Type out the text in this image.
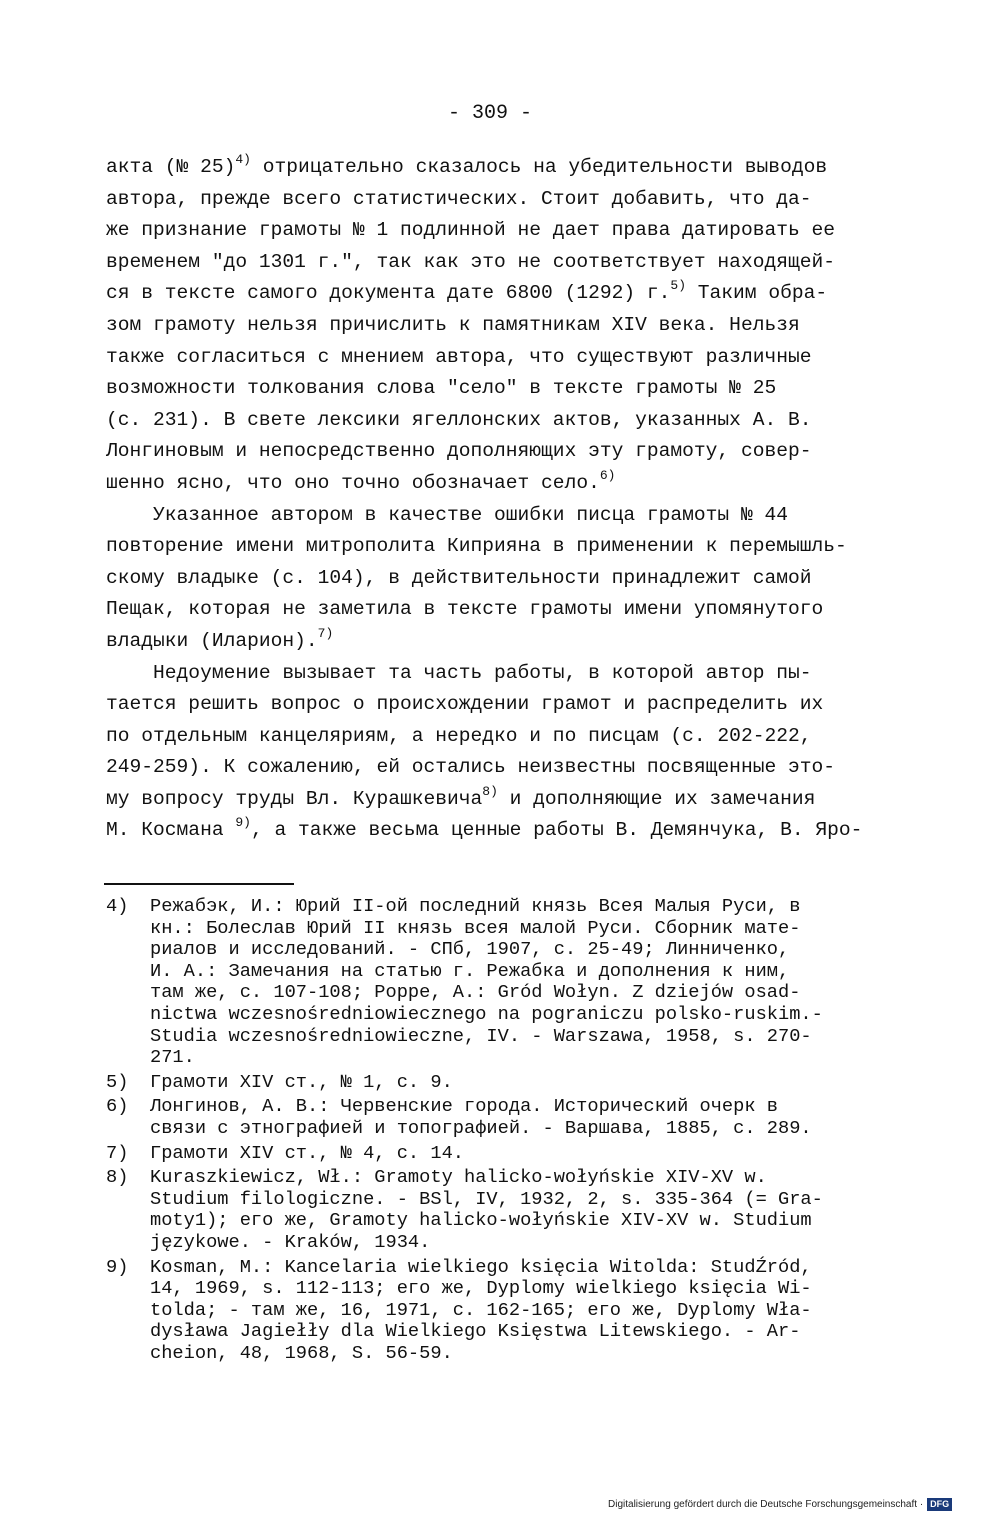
- 309 -
акта (№ 25)$^{4)}$ отрицательно сказалось на убедительности выводов
автора, прежде всего статистических. Стоит добавить, что да-
же признание грамоты № 1 подлинной не дает права датировать ее
временем "до 1301 г.", так как это не соответствует находящей-
ся в тексте самого документа дате 6800 (1292) г.$^{5)}$ Таким обра-
зом грамоту нельзя причислить к памятникам XIV века. Нельзя
также согласиться с мнением автора, что существуют различные
возможности толкования слова "село" в тексте грамоты № 25
(с. 231). В свете лексики ягеллонских актов, указанных А. В.
Лонгиновым и непосредственно дополняющих эту грамоту, совер-
шенно ясно, что оно точно обозначает село.$^{6)}$
Указанное автором в качестве ошибки писца грамоты № 44
повторение имени митрополита Киприяна в применении к перемышль-
скому владыке (с. 104), в действительности принадлежит самой
Пещак, которая не заметила в тексте грамоты имени упомянутого
владыки (Иларион).$^{7)}$
Недоумение вызывает та часть работы, в которой автор пы-
тается решить вопрос о происхождении грамот и распределить их
по отдельным канцеляриям, а нередко и по писцам (с. 202-222,
249-259). К сожалению, ей остались неизвестны посвященные это-
му вопросу труды Вл. Курашкевича$^{8)}$ и дополняющие их замечания
М. Космана $^{9)}$, а также весьма ценные работы В. Демянчука, В. Яро-
4)	Режабэк, И.: Юрий II-ой последний князь Всея Малыя Руси, в
кн.: Болеслав Юрий II князь всея малой Руси. Сборник мате-
риалов и исследований. - СПб, 1907, с. 25-49; Линниченко,
И. А.: Замечания на статью г. Режабка и дополнения к ним,
там же, с. 107-108; Poppe, A.: Gród Wołyn. Z dziejów osad-
nictwa wczesnośredniowiecznego na pograniczu polsko-ruskim.-
Studia wczesnośredniowieczne, IV. - Warszawa, 1958, s. 270-
271.
5)	Грамоти XIV ст., № 1, с. 9.
6)	Лонгинов, А. В.: Червенские города. Исторический очерк в
связи с этнографией и топографией. - Варшава, 1885, с. 289.
7)	Грамоти XIV ст., № 4, с. 14.
8)	Kuraszkiewicz, Wł.: Gramoty halicko-wołyńskie XIV-XV w.
Studium filologiczne. - BSl, IV, 1932, 2, s. 335-364 (= Gra-
moty1); его же, Gramoty halicko-wołyńskie XIV-XV w. Studium
językowe. - Kraków, 1934.
9)	Kosman, M.: Kancelaria wielkiego księcia Witolda: StudŹród,
14, 1969, s. 112-113; его же, Dyplomy wielkiego księcia Wi-
tolda; - там же, 16, 1971, с. 162-165; его же, Dyplomy Wła-
dysława Jagiełły dla Wielkiego Księstwa Litewskiego. - Ar-
cheion, 48, 1968, S. 56-59.
Digitalisierung gefördert durch die Deutsche Forschungsgemeinschaft · DFG
